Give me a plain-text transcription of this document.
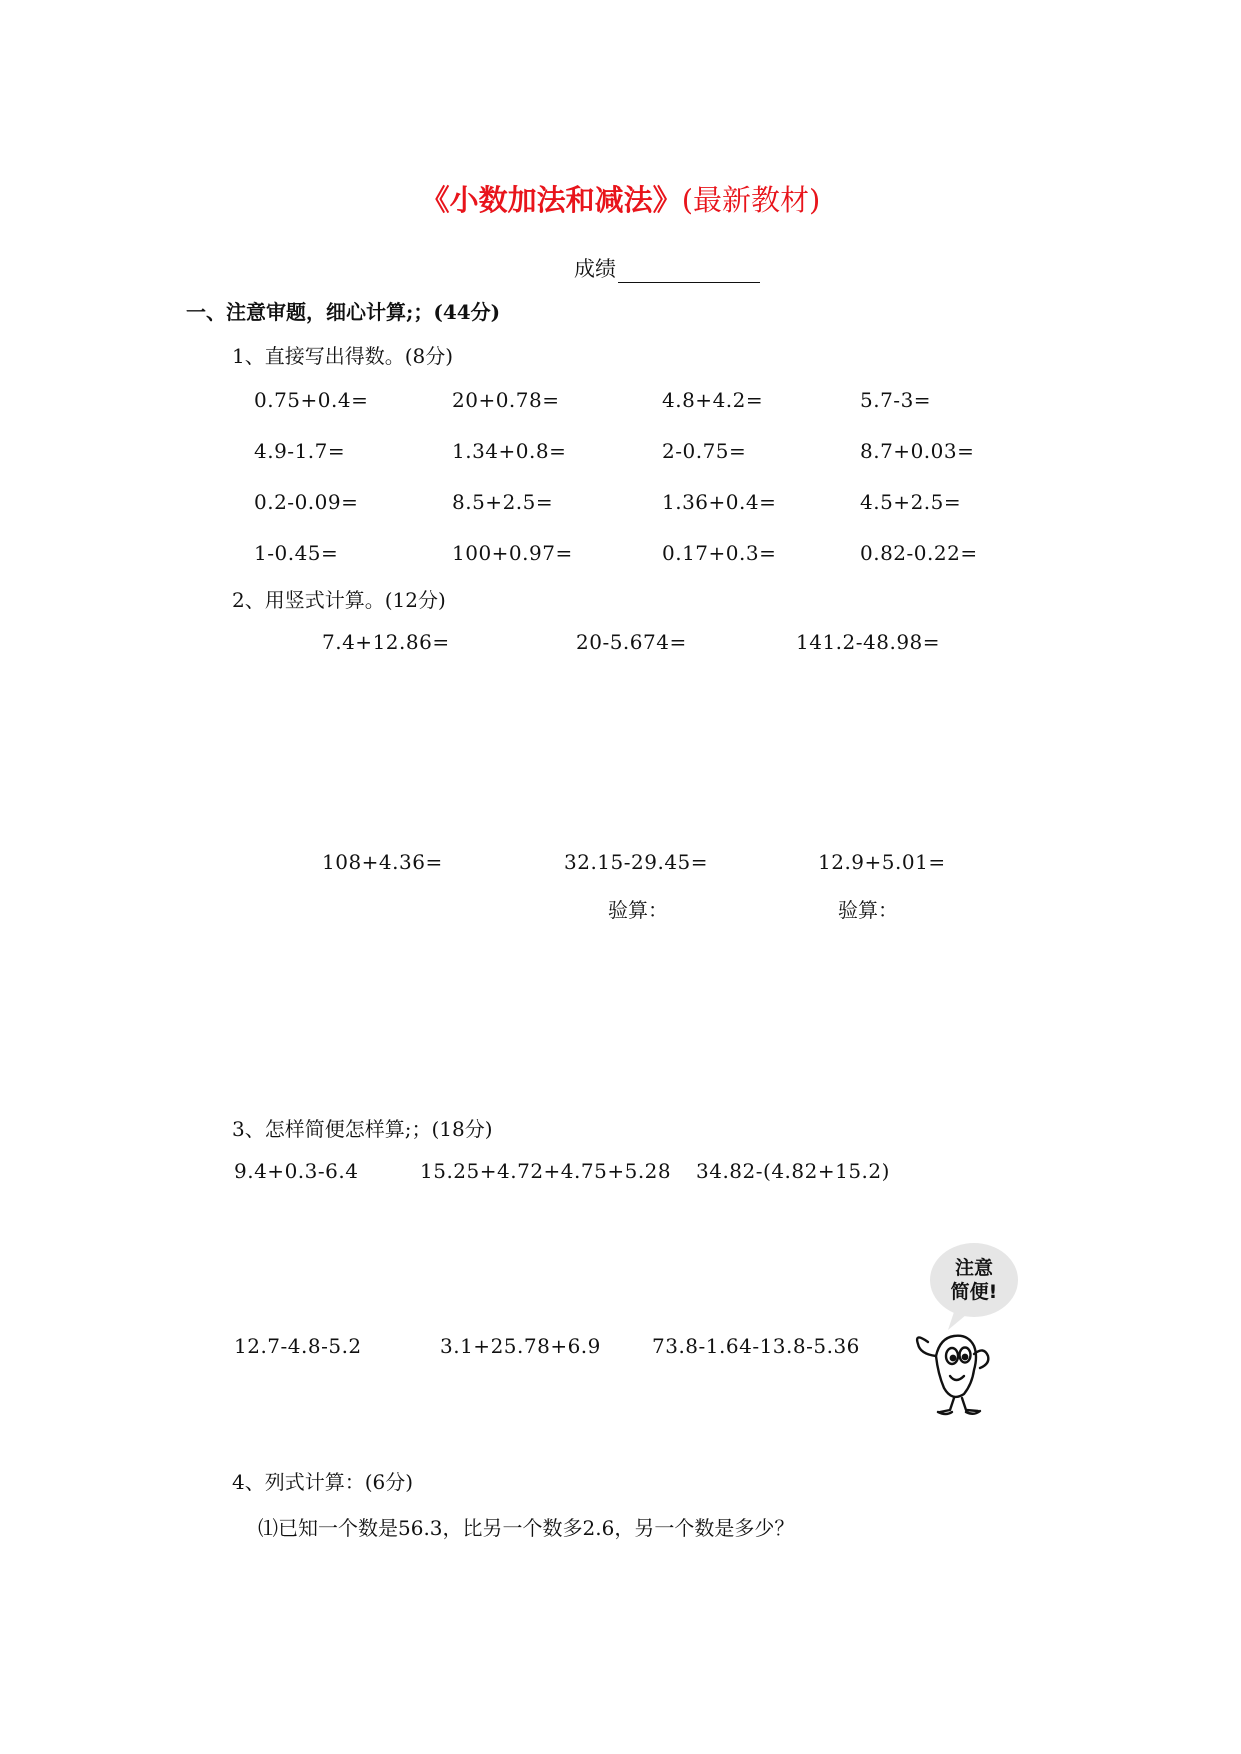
《小数加法和减法》(最新教材)
成绩
一、注意审题，细心计算;；(44分)
1、直接写出得数。(8分)
0.75+0.4=	20+0.78=	4.8+4.2=	5.7-3=
4.9-1.7=	1.34+0.8=	2-0.75=	8.7+0.03=
0.2-0.09=	8.5+2.5=	1.36+0.4=	4.5+2.5=
1-0.45=	100+0.97=	0.17+0.3=	0.82-0.22=
2、用竖式计算。(12分)
7.4+12.86=	20-5.674=	141.2-48.98=
108+4.36=	32.15-29.45=	12.9+5.01=
验算：	验算：
3、怎样简便怎样算;；(18分)
9.4+0.3-6.4	15.25+4.72+4.75+5.28 34.82-(4.82+15.2)
12.7-4.8-5.2	3.1+25.78+6.9	73.8-1.64-13.8-5.36
注意
简便!
4、列式计算：(6分)
⑴已知一个数是56.3，比另一个数多2.6，另一个数是多少？
